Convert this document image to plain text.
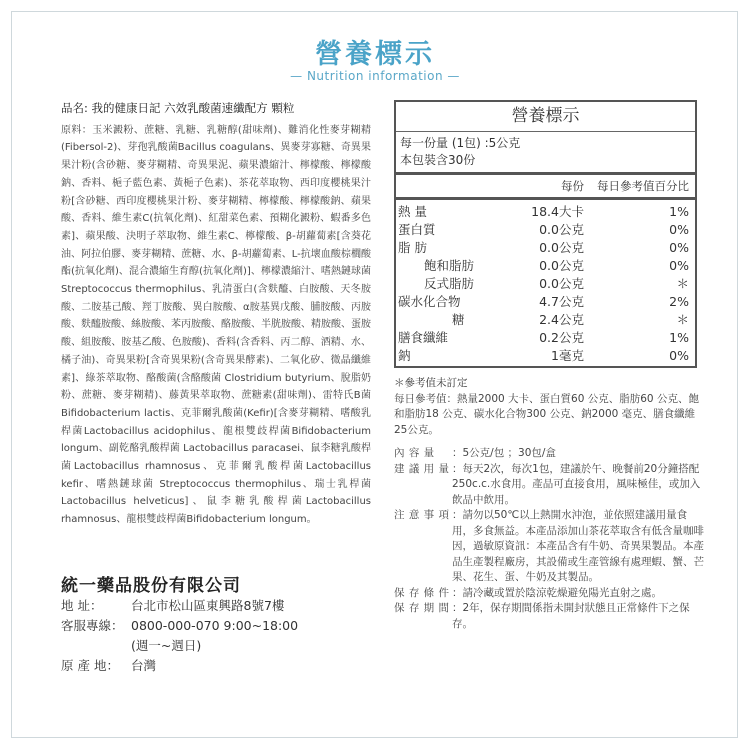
營養標示
— Nutrition information —
品名: 我的健康日記 六效乳酸菌速纖配方 顆粒
原料：玉米澱粉、蔗糖、乳糖、乳糖醇(甜味劑)、難消化性麥芽糊精(Fibersol-2)、芽孢乳酸菌Bacillus coagulans、異麥芽寡糖、奇異果果汁粉(含砂糖、麥芽糊精、奇異果泥、蘋果濃縮汁、檸檬酸、檸檬酸鈉、香料、梔子藍色素、黃梔子色素)、茶花萃取物、西印度櫻桃果汁粉[含砂糖、西印度櫻桃果汁粉、麥芽糊精、檸檬酸、檸檬酸鈉、蘋果酸、香料、維生素C(抗氧化劑)、紅甜菜色素、預糊化澱粉、蝦番多色素]、蘋果酸、決明子萃取物、維生素C、檸檬酸、β-胡蘿蔔素[含葵花油、阿拉伯膠、麥芽糊精、蔗糖、水、β-胡蘿蔔素、L-抗壞血酸棕櫚酸酯(抗氧化劑)、混合濃縮生育醇(抗氧化劑)]、檸檬濃縮汁、嗜熱鏈球菌 Streptococcus thermophilus、乳清蛋白(含麩醯、白胺酸、天冬胺酸、二胺基己酸、羥丁胺酸、異白胺酸、α胺基異戊酸、脯胺酸、丙胺酸、麩醯胺酸、絲胺酸、苯丙胺酸、酪胺酸、半胱胺酸、精胺酸、蛋胺酸、組胺酸、胺基乙酸、色胺酸)、香料(含香料、丙二醇、酒精、水、橘子油)、奇異果粉[含奇異果粉(含奇異果酵素)、二氧化矽、微晶纖維素]、綠茶萃取物、酪酸菌(含酪酸菌 Clostridium butyrium、脫脂奶粉、蔗糖、麥芽糊精)、藤黃果萃取物、蔗糖素(甜味劑)、雷特氏B菌Bifidobacterium lactis、克菲爾乳酸菌(Kefir)[含麥芽糊精、嗜酸乳桿菌Lactobacillus acidophilus、龍根雙歧桿菌Bifidobacterium longum、副乾酪乳酸桿菌 Lactobacillus paracasei、鼠李糖乳酸桿菌Lactobacillus rhamnosus、克菲爾乳酸桿菌Lactobacillus kefir、嗜熱鏈球菌 Streptococcus thermophilus、瑞士乳桿菌Lactobacillus helveticus]、鼠李糖乳酸桿菌Lactobacillus rhamnosus、龍根雙歧桿菌Bifidobacterium longum。
統一藥品股份有限公司
地 址：	台北市松山區東興路8號7樓
客服專線： 0800-000-070 9:00~18:00
(週一~週日)
原 產 地： 台灣
營養標示
每一份量 (1包) :5公克
本包裝含30份
每份	每日參考值百分比
熱 量	18.4大卡	1%
蛋白質	0.0公克	0%
脂 肪	0.0公克	0%
飽和脂肪	0.0公克	0%
反式脂肪	0.0公克	＊
碳水化合物	4.7公克	2%
糖	2.4公克	＊
膳食纖維	0.2公克	1%
鈉	1毫克	0%
＊參考值未訂定
每日參考值：熱量2000 大卡、蛋白質60 公克、脂肪60 公克、飽和脂肪18 公克、碳水化合物300 公克、鈉2000 毫克、膳食纖維25公克。
內 容 量	：5公克/包 ；30包/盒
建 議 用 量 ：每天2次，每次1包，建議於午、晚餐前20分鐘搭配250c.c.水食用。產品可直接食用，風味極佳，或加入飲品中飲用。
注 意 事 項 ：請勿以50℃以上熱開水沖泡，並依照建議用量食用，多食無益。本產品添加山茶花萃取含有低含量咖啡因，過敏原資訊：本產品含有牛奶、奇異果製品。本產品生產製程廠房，其設備或生產管線有處理蝦、蟹、芒果、花生、蛋、牛奶及其製品。
保 存 條 件 ：請冷藏或置於陰涼乾燥避免陽光直射之處。
保 存 期 間 ：2年，保存期間係指未開封狀態且正常條件下之保存。
